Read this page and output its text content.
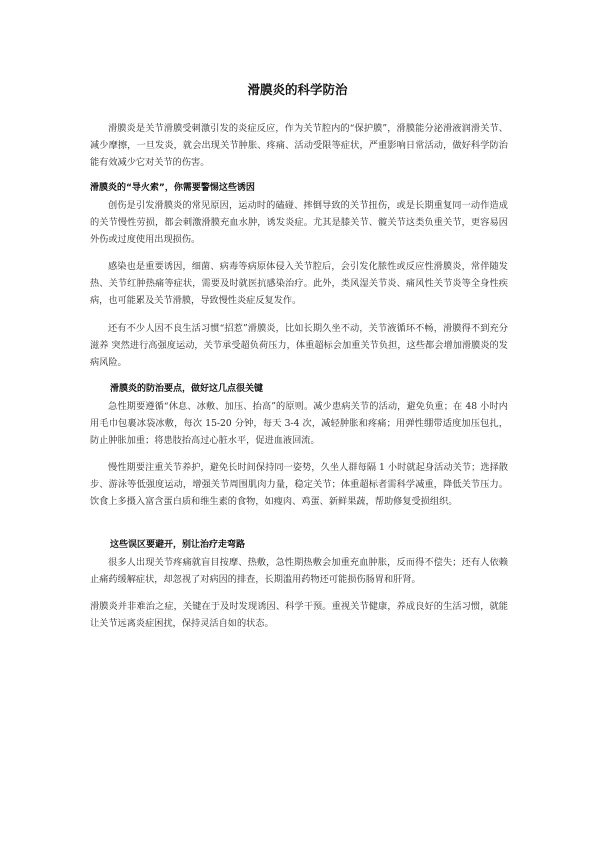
滑膜炎的科学防治

滑膜炎是关节滑膜受刺激引发的炎症反应，作为关节腔内的“保护膜”，滑膜能分泌滑液润滑关节、减少摩擦，一旦发炎，就会出现关节肿胀、疼痛、活动受限等症状，严重影响日常活动，做好科学防治能有效减少它对关节的伤害。

滑膜炎的“导火索”，你需要警惕这些诱因

创伤是引发滑膜炎的常见原因，运动时的磕碰、摔倒导致的关节扭伤，或是长期重复同一动作造成的关节慢性劳损，都会刺激滑膜充血水肿，诱发炎症。尤其是膝关节、髋关节这类负重关节，更容易因外伤或过度使用出现损伤。

感染也是重要诱因，细菌、病毒等病原体侵入关节腔后，会引发化脓性或反应性滑膜炎，常伴随发热、关节红肿热痛等症状，需要及时就医抗感染治疗。此外，类风湿关节炎、痛风性关节炎等全身性疾病，也可能累及关节滑膜，导致慢性炎症反复发作。

还有不少人因不良生活习惯“招惹”滑膜炎，比如长期久坐不动，关节液循环不畅，滑膜得不到充分滋养 突然进行高强度运动，关节承受超负荷压力，体重超标会加重关节负担，这些都会增加滑膜炎的发病风险。

滑膜炎的防治要点，做好这几点很关键

急性期要遵循“休息、冰敷、加压、抬高”的原则。减少患病关节的活动，避免负重；在 48 小时内用毛巾包裹冰袋冰敷，每次 15-20 分钟，每天 3-4 次，减轻肿胀和疼痛；用弹性绷带适度加压包扎，防止肿胀加重；将患肢抬高过心脏水平，促进血液回流。

慢性期要注重关节养护，避免长时间保持同一姿势，久坐人群每隔 1 小时就起身活动关节；选择散步、游泳等低强度运动，增强关节周围肌肉力量，稳定关节；体重超标者需科学减重，降低关节压力。饮食上多摄入富含蛋白质和维生素的食物，如瘦肉、鸡蛋、新鲜果蔬，帮助修复受损组织。

这些误区要避开，别让治疗走弯路

很多人出现关节疼痛就盲目按摩、热敷，急性期热敷会加重充血肿胀，反而得不偿失；还有人依赖止痛药缓解症状，却忽视了对病因的排查，长期滥用药物还可能损伤肠胃和肝肾。

滑膜炎并非难治之症，关键在于及时发现诱因、科学干预。重视关节健康，养成良好的生活习惯，就能让关节远离炎症困扰，保持灵活自如的状态。
